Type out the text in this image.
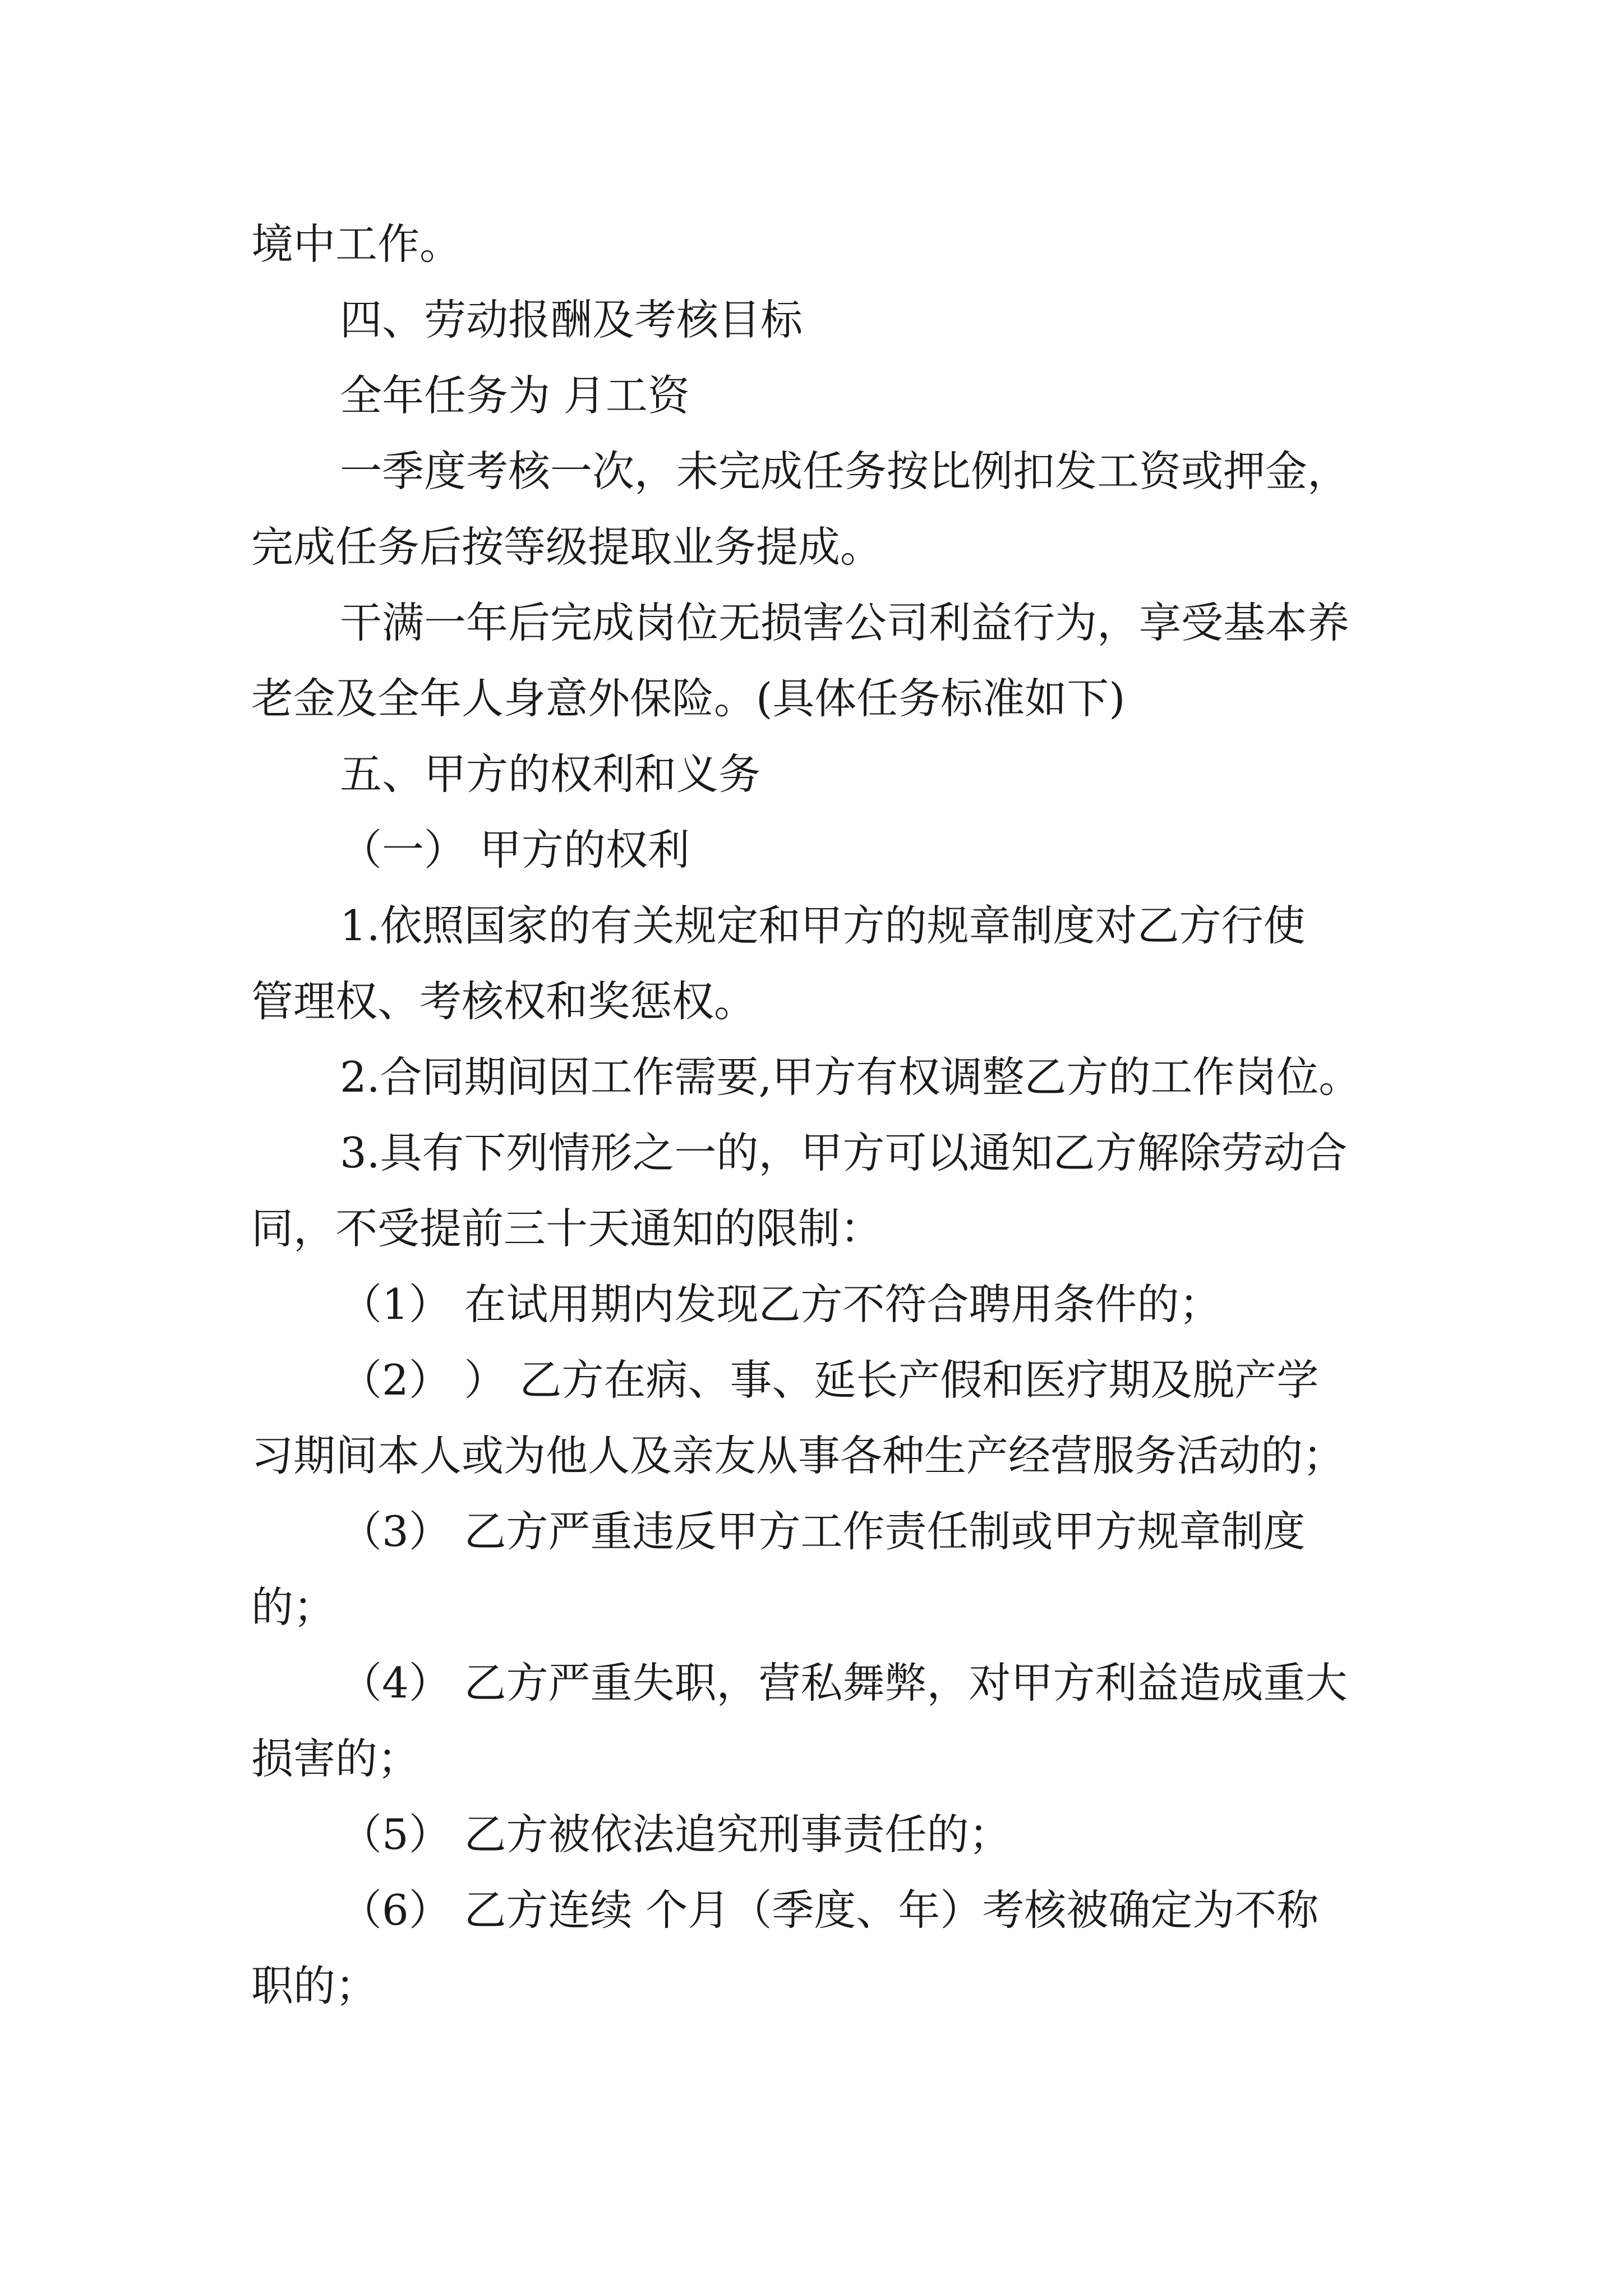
境中工作。
四、劳动报酬及考核目标
全年任务为 月工资
一季度考核一次，未完成任务按比例扣发工资或押金，
完成任务后按等级提取业务提成。
干满一年后完成岗位无损害公司利益行为，享受基本养
老金及全年人身意外保险。(具体任务标准如下)
五、甲方的权利和义务
（一） 甲方的权利
1.依照国家的有关规定和甲方的规章制度对乙方行使
管理权、考核权和奖惩权。
2.合同期间因工作需要,甲方有权调整乙方的工作岗位。
3.具有下列情形之一的，甲方可以通知乙方解除劳动合
同，不受提前三十天通知的限制：
（1） 在试用期内发现乙方不符合聘用条件的；
（2） ） 乙方在病、事、延长产假和医疗期及脱产学
习期间本人或为他人及亲友从事各种生产经营服务活动的；
（3） 乙方严重违反甲方工作责任制或甲方规章制度
的；
（4） 乙方严重失职，营私舞弊，对甲方利益造成重大
损害的；
（5） 乙方被依法追究刑事责任的；
（6） 乙方连续 个月（季度、年）考核被确定为不称
职的；
